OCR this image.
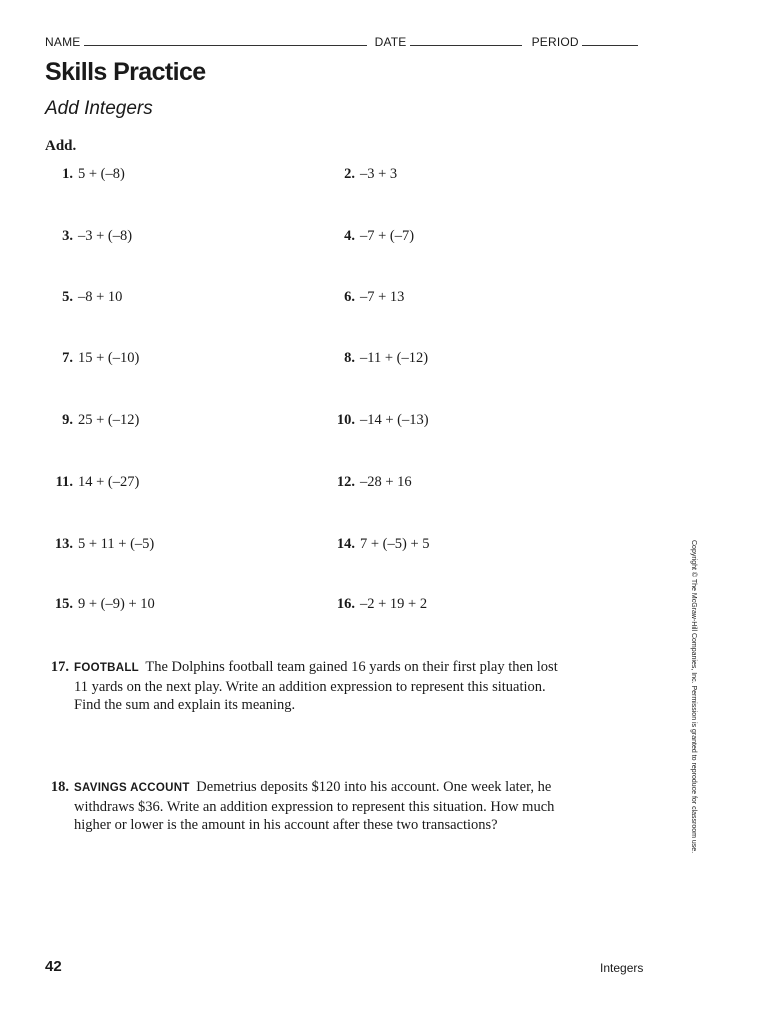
NAME	DATE	PERIOD
Skills Practice
Add Integers
Add.
1. 5 + (–8)	2. –3 + 3
3. –3 + (–8)	4. –7 + (–7)
5. –8 + 10	6. –7 + 13
7. 15 + (–10)	8. –11 + (–12)
9. 25 + (–12)	10. –14 + (–13)
11. 14 + (–27)	12. –28 + 16
13. 5 + 11 + (–5)	14. 7 + (–5) + 5
15. 9 + (–9) + 10	16. –2 + 19 + 2
17. FOOTBALL The Dolphins football team gained 16 yards on their first play then lost 11 yards on the next play. Write an addition expression to represent this situation. Find the sum and explain its meaning.
18. SAVINGS ACCOUNT Demetrius deposits $120 into his account. One week later, he withdraws $36. Write an addition expression to represent this situation. How much higher or lower is the amount in his account after these two transactions?	Copyright © The McGraw-Hill Companies, Inc. Permission is granted to reproduce for classroom use.
42	Integers
